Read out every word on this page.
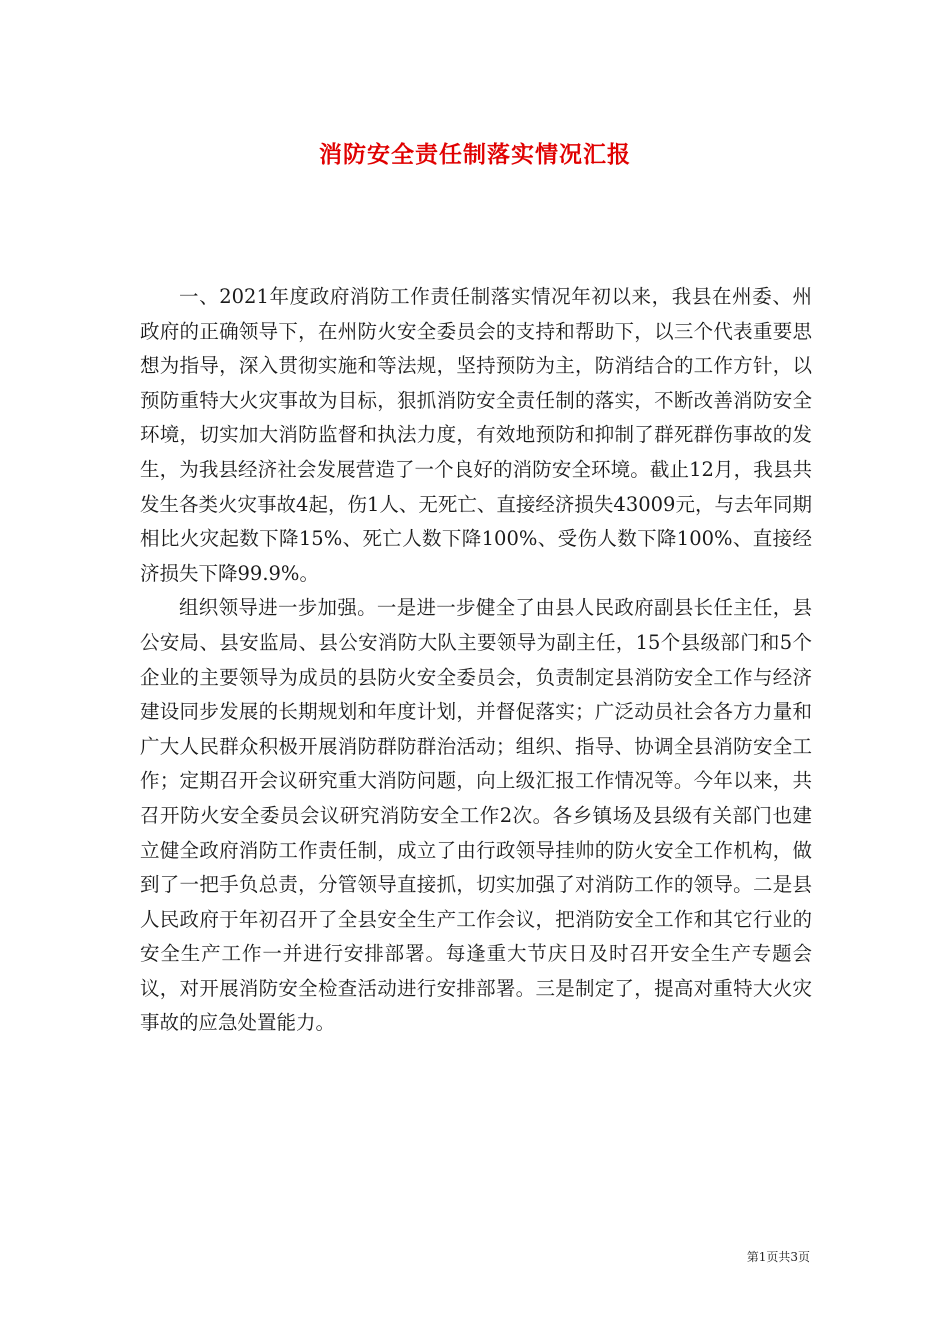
消防安全责任制落实情况汇报

一、2021年度政府消防工作责任制落实情况年初以来，我县在州委、州政府的正确领导下，在州防火安全委员会的支持和帮助下，以三个代表重要思想为指导，深入贯彻实施和等法规，坚持预防为主，防消结合的工作方针，以预防重特大火灾事故为目标，狠抓消防安全责任制的落实，不断改善消防安全环境，切实加大消防监督和执法力度，有效地预防和抑制了群死群伤事故的发生，为我县经济社会发展营造了一个良好的消防安全环境。截止12月，我县共发生各类火灾事故4起，伤1人、无死亡、直接经济损失43009元，与去年同期相比火灾起数下降15%、死亡人数下降100%、受伤人数下降100%、直接经济损失下降99.9%。

组织领导进一步加强。一是进一步健全了由县人民政府副县长任主任，县公安局、县安监局、县公安消防大队主要领导为副主任，15个县级部门和5个企业的主要领导为成员的县防火安全委员会，负责制定县消防安全工作与经济建设同步发展的长期规划和年度计划，并督促落实；广泛动员社会各方力量和广大人民群众积极开展消防群防群治活动；组织、指导、协调全县消防安全工作；定期召开会议研究重大消防问题，向上级汇报工作情况等。今年以来，共召开防火安全委员会议研究消防安全工作2次。各乡镇场及县级有关部门也建立健全政府消防工作责任制，成立了由行政领导挂帅的防火安全工作机构，做到了一把手负总责，分管领导直接抓，切实加强了对消防工作的领导。二是县人民政府于年初召开了全县安全生产工作会议，把消防安全工作和其它行业的安全生产工作一并进行安排部署。每逢重大节庆日及时召开安全生产专题会议，对开展消防安全检查活动进行安排部署。三是制定了，提高对重特大火灾事故的应急处置能力。

第1页共3页
